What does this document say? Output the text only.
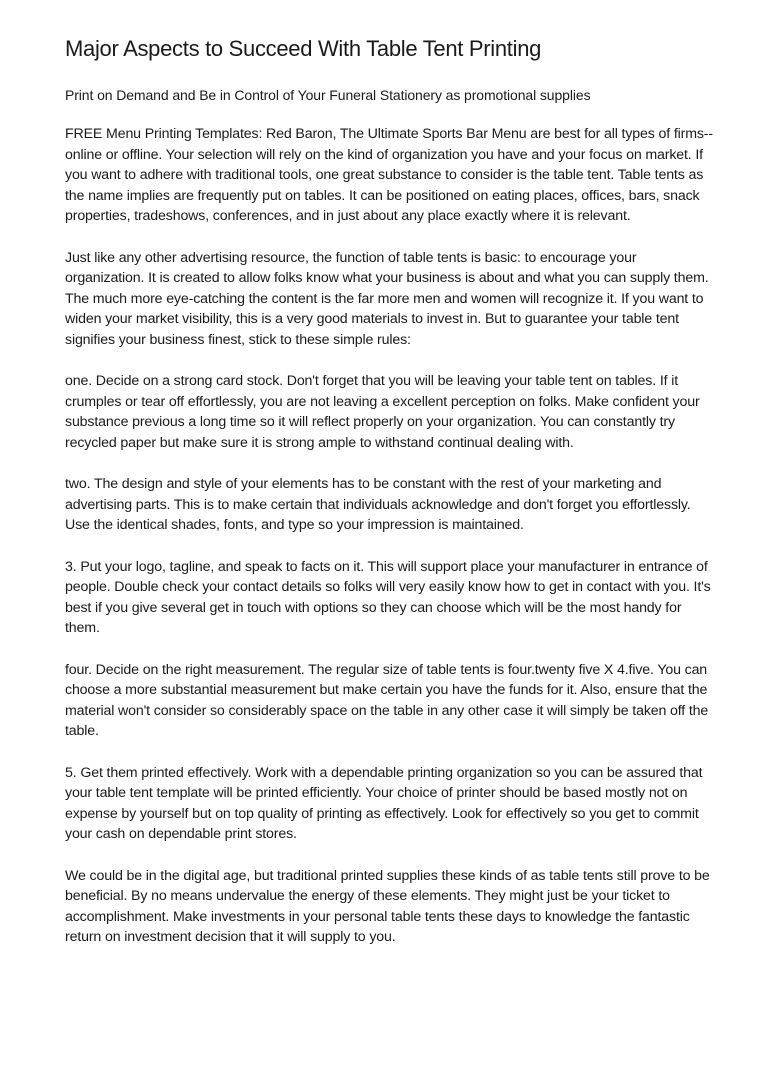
Major Aspects to Succeed With Table Tent Printing

Print on Demand and Be in Control of Your Funeral Stationery as promotional supplies

FREE Menu Printing Templates: Red Baron, The Ultimate Sports Bar Menu are best for all types of firms--online or offline. Your selection will rely on the kind of organization you have and your focus on market. If you want to adhere with traditional tools, one great substance to consider is the table tent. Table tents as the name implies are frequently put on tables. It can be positioned on eating places, offices, bars, snack properties, tradeshows, conferences, and in just about any place exactly where it is relevant.

Just like any other advertising resource, the function of table tents is basic: to encourage your organization. It is created to allow folks know what your business is about and what you can supply them. The much more eye-catching the content is the far more men and women will recognize it. If you want to widen your market visibility, this is a very good materials to invest in. But to guarantee your table tent signifies your business finest, stick to these simple rules:

one. Decide on a strong card stock. Don't forget that you will be leaving your table tent on tables. If it crumples or tear off effortlessly, you are not leaving a excellent perception on folks. Make confident your substance previous a long time so it will reflect properly on your organization. You can constantly try recycled paper but make sure it is strong ample to withstand continual dealing with.

two. The design and style of your elements has to be constant with the rest of your marketing and advertising parts. This is to make certain that individuals acknowledge and don't forget you effortlessly. Use the identical shades, fonts, and type so your impression is maintained.

3. Put your logo, tagline, and speak to facts on it. This will support place your manufacturer in entrance of people. Double check your contact details so folks will very easily know how to get in contact with you. It's best if you give several get in touch with options so they can choose which will be the most handy for them.

four. Decide on the right measurement. The regular size of table tents is four.twenty five X 4.five. You can choose a more substantial measurement but make certain you have the funds for it. Also, ensure that the material won't consider so considerably space on the table in any other case it will simply be taken off the table.

5. Get them printed effectively. Work with a dependable printing organization so you can be assured that your table tent template will be printed efficiently. Your choice of printer should be based mostly not on expense by yourself but on top quality of printing as effectively. Look for effectively so you get to commit your cash on dependable print stores.

We could be in the digital age, but traditional printed supplies these kinds of as table tents still prove to be beneficial. By no means undervalue the energy of these elements. They might just be your ticket to accomplishment. Make investments in your personal table tents these days to knowledge the fantastic return on investment decision that it will supply to you.
